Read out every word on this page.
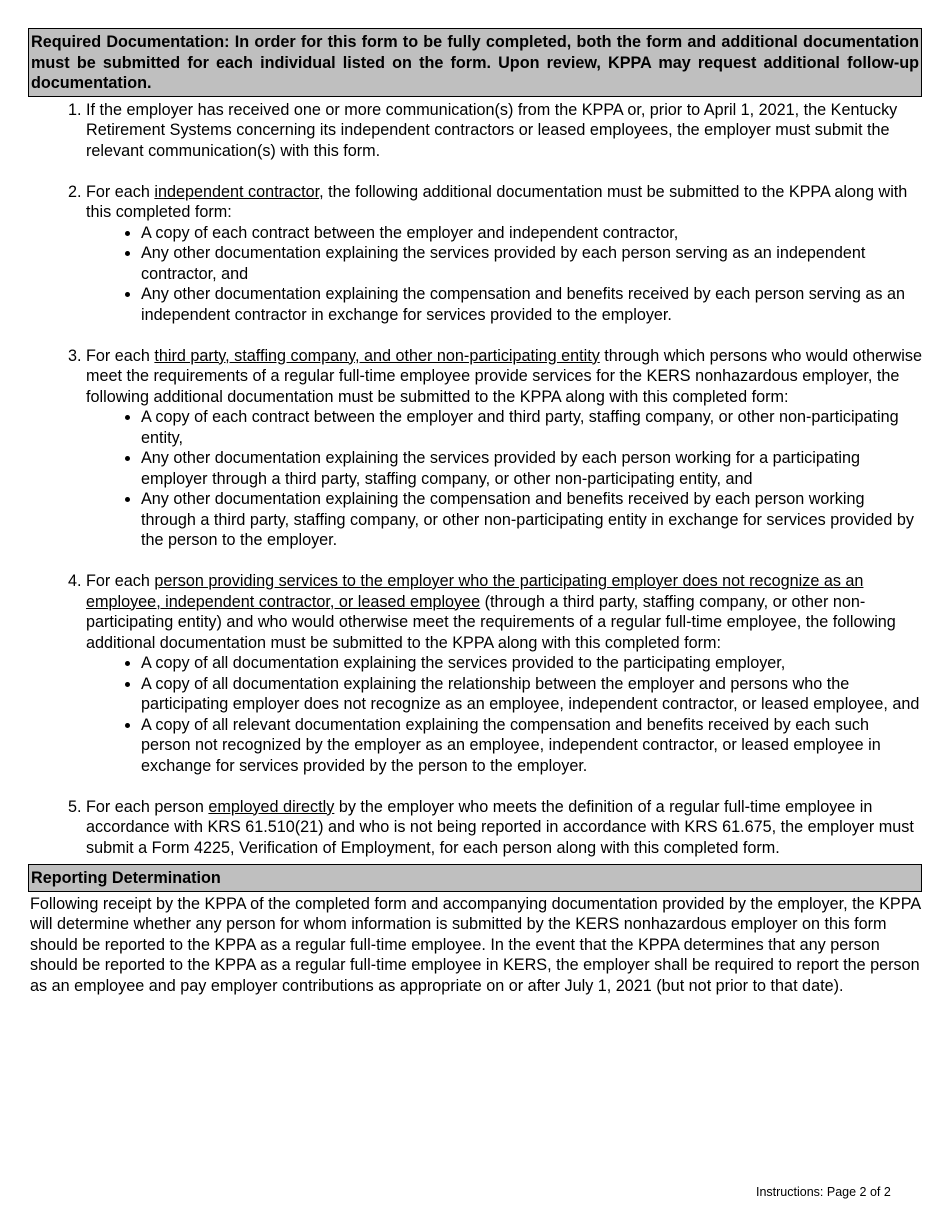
Required Documentation: In order for this form to be fully completed, both the form and additional documentation must be submitted for each individual listed on the form. Upon review, KPPA may request additional follow-up documentation.
1. If the employer has received one or more communication(s) from the KPPA or, prior to April 1, 2021, the Kentucky Retirement Systems concerning its independent contractors or leased employees, the employer must submit the relevant communication(s) with this form.
2. For each independent contractor, the following additional documentation must be submitted to the KPPA along with this completed form:
• A copy of each contract between the employer and independent contractor,
• Any other documentation explaining the services provided by each person serving as an independent contractor, and
• Any other documentation explaining the compensation and benefits received by each person serving as an independent contractor in exchange for services provided to the employer.
3. For each third party, staffing company, and other non-participating entity through which persons who would otherwise meet the requirements of a regular full-time employee provide services for the KERS nonhazardous employer, the following additional documentation must be submitted to the KPPA along with this completed form:
• A copy of each contract between the employer and third party, staffing company, or other non-participating entity,
• Any other documentation explaining the services provided by each person working for a participating employer through a third party, staffing company, or other non-participating entity, and
• Any other documentation explaining the compensation and benefits received by each person working through a third party, staffing company, or other non-participating entity in exchange for services provided by the person to the employer.
4. For each person providing services to the employer who the participating employer does not recognize as an employee, independent contractor, or leased employee (through a third party, staffing company, or other non-participating entity) and who would otherwise meet the requirements of a regular full-time employee, the following additional documentation must be submitted to the KPPA along with this completed form:
• A copy of all documentation explaining the services provided to the participating employer,
• A copy of all documentation explaining the relationship between the employer and persons who the participating employer does not recognize as an employee, independent contractor, or leased employee, and
• A copy of all relevant documentation explaining the compensation and benefits received by each such person not recognized by the employer as an employee, independent contractor, or leased employee in exchange for services provided by the person to the employer.
5. For each person employed directly by the employer who meets the definition of a regular full-time employee in accordance with KRS 61.510(21) and who is not being reported in accordance with KRS 61.675, the employer must submit a Form 4225, Verification of Employment, for each person along with this completed form.
Reporting Determination
Following receipt by the KPPA of the completed form and accompanying documentation provided by the employer, the KPPA will determine whether any person for whom information is submitted by the KERS nonhazardous employer on this form should be reported to the KPPA as a regular full-time employee. In the event that the KPPA determines that any person should be reported to the KPPA as a regular full-time employee in KERS, the employer shall be required to report the person as an employee and pay employer contributions as appropriate on or after July 1, 2021 (but not prior to that date).
Instructions: Page 2 of 2
